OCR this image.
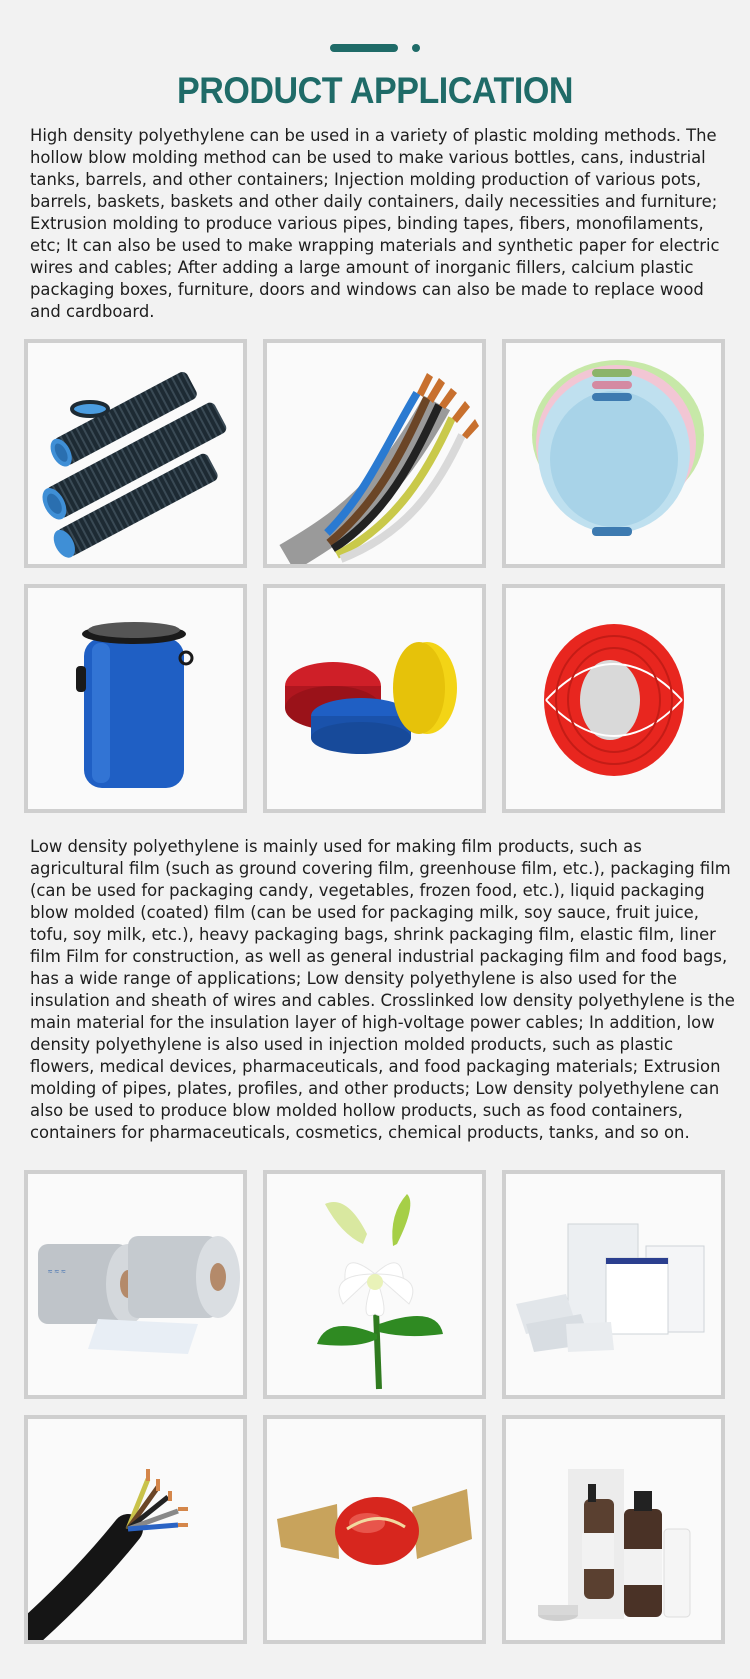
PRODUCT APPLICATION

High density polyethylene can be used in a variety of plastic molding methods. The hollow blow molding method can be used to make various bottles, cans, industrial tanks, barrels, and other containers; Injection molding production of various pots, barrels, baskets, baskets and other daily containers, daily necessities and furniture; Extrusion molding to produce various pipes, binding tapes, fibers, monofilaments, etc; It can also be used to make wrapping materials and synthetic paper for electric wires and cables; After adding a large amount of inorganic fillers, calcium plastic packaging boxes, furniture, doors and windows can also be made to replace wood and cardboard.

Low density polyethylene is mainly used for making film products, such as agricultural film (such as ground covering film, greenhouse film, etc.), packaging film (can be used for packaging candy, vegetables, frozen food, etc.), liquid packaging blow molded (coated) film (can be used for packaging milk, soy sauce, fruit juice, tofu, soy milk, etc.), heavy packaging bags, shrink packaging film, elastic film, liner film Film for construction, as well as general industrial packaging film and food bags, has a wide range of applications; Low density polyethylene is also used for the insulation and sheath of wires and cables. Crosslinked low density polyethylene is the main material for the insulation layer of high-voltage power cables; In addition, low density polyethylene is also used in injection molded products, such as plastic flowers, medical devices, pharmaceuticals, and food packaging materials; Extrusion molding of pipes, plates, profiles, and other products; Low density polyethylene can also be used to produce blow molded hollow products, such as food containers, containers for pharmaceuticals, cosmetics, chemical products, tanks, and so on.

≈ ≈ ≈
